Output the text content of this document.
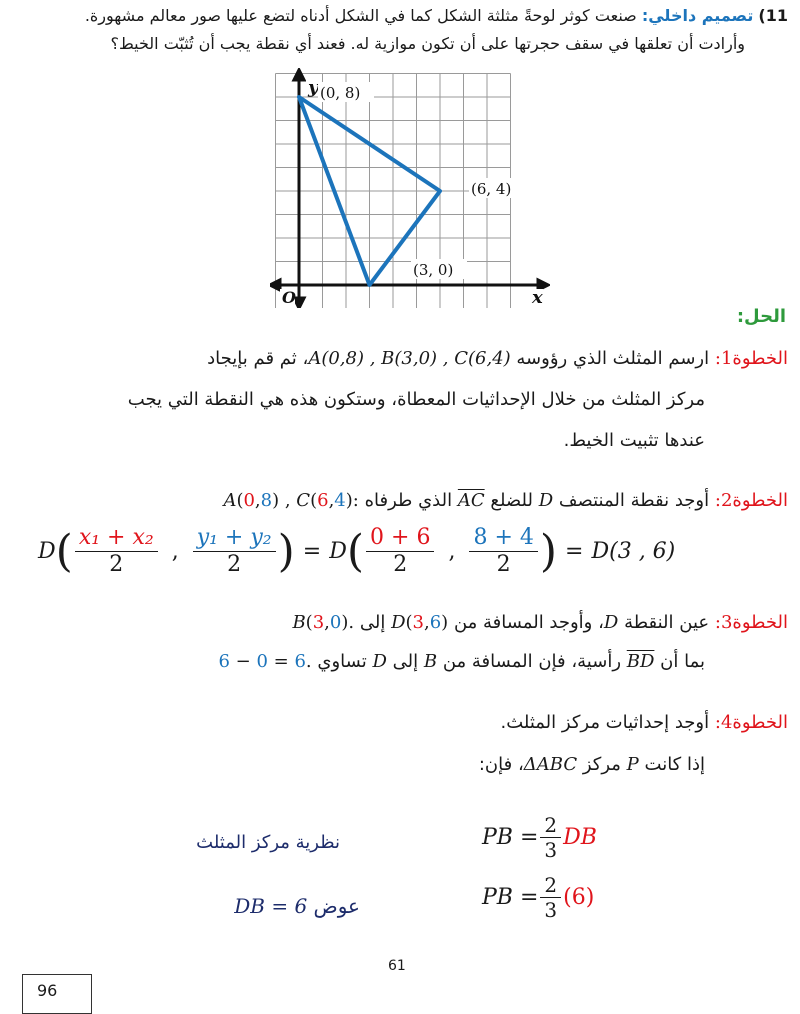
11) تصميم داخلي: صنعت كوثر لوحةً مثلثة الشكل كما في الشكل أدناه لتضع عليها صور معالم مشهورة.
وأرادت أن تعلقها في سقف حجرتها على أن تكون موازية له. فعند أي نقطة يجب أن تُثبّت الخيط؟
y (0, 8)
(6, 4)
(3, 0)
x
O
الحل:
الخطوة1: ارسم المثلث الذي رؤوسه A(0,8) , B(3,0) , C(6,4)، ثم قم بإيجاد
مركز المثلث من خلال الإحداثيات المعطاة، وستكون هذه هي النقطة التي يجب
عندها تثبيت الخيط.
الخطوة2: أوجد نقطة المنتصف D للضلع AC الذي طرفاه A(0,8) , C(6,4):
D ( $\frac{\text{x₁ + x₂}}{2}$ , $\frac{\text{y₁ + y₂}}{2}$ ) = D ( $\frac{0 + 6}{2}$ , $\frac{8 + 4}{2}$ ) = D(3 , 6)
الخطوة3: عين النقطة D، وأوجد المسافة من D(3,6) إلى B(3,0).
بما أن BD رأسية، فإن المسافة من B إلى D تساوي 6 − 0 = 6.
الخطوة4: أوجد إحداثيات مركز المثلث.
إذا كانت P مركز ΔABC، فإن:
نظرية مركز المثلث	PB = $\frac{2}{3}$ DB
عوض DB = 6	PB = $\frac{2}{3} (6)$
61
96
